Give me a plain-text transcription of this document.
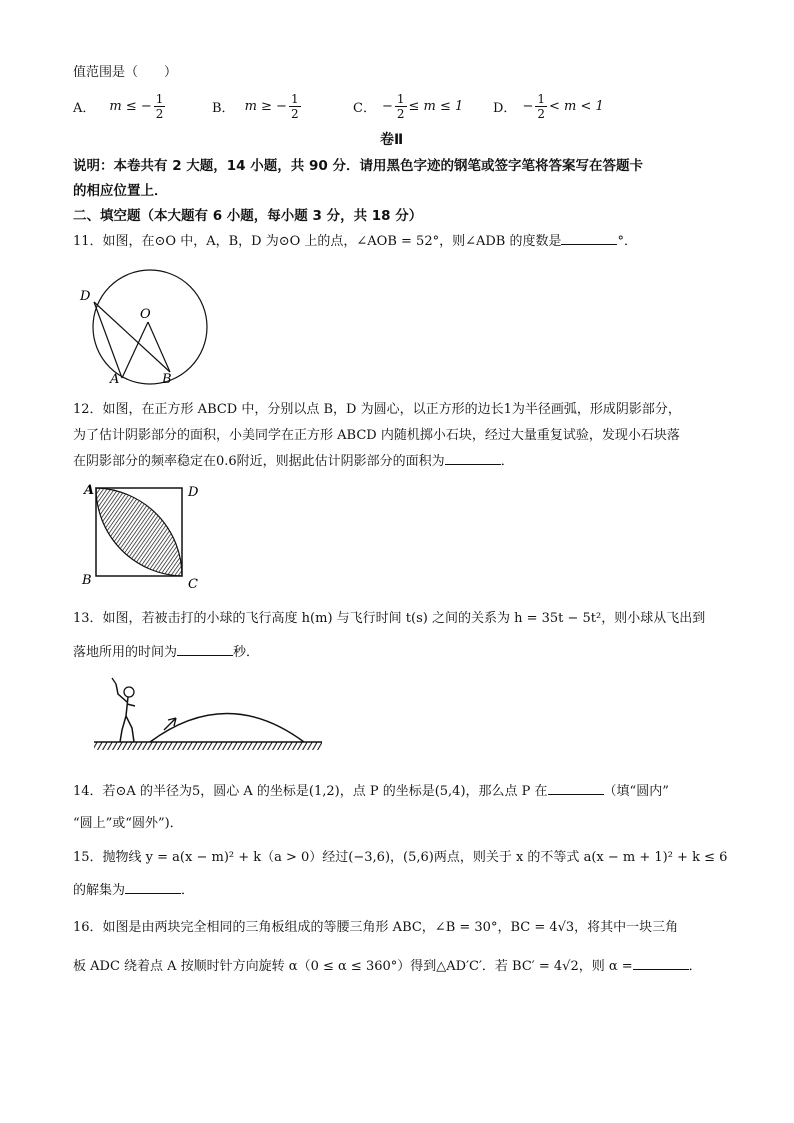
值范围是（　　）
A． m ≤ − $\frac{1}{2}$	B． m ≥ − $\frac{1}{2}$	C． − $\frac{1}{2} \le m \le 1$ D． − $\frac{1}{2} < m < 1$
卷Ⅱ
说明：本卷共有 2 大题，14 小题，共 90 分．请用黑色字迹的钢笔或签字笔将答案写在答题卡
的相应位置上．
二、填空题（本大题有 6 小题，每小题 3 分，共 18 分）
11．如图，在⊙O 中，A，B，D 为⊙O 上的点，∠AOB = 52°，则∠ADB 的度数是	°．
D
O
A	B
12．如图，在正方形 ABCD 中，分别以点 B，D 为圆心，以正方形的边长1为半径画弧，形成阴影部分，
为了估计阴影部分的面积，小美同学在正方形 ABCD 内随机掷小石块，经过大量重复试验，发现小石块落
在阴影部分的频率稳定在0.6附近，则据此估计阴影部分的面积为	．
A	D
B	C
13．如图，若被击打的小球的飞行高度 h(m) 与飞行时间 t(s) 之间的关系为 h = 35t − 5t²，则小球从飞出到
落地所用的时间为	秒．
14．若⊙A 的半径为5，圆心 A 的坐标是(1,2)，点 P 的坐标是(5,4)，那么点 P 在	（填“圆内”
“圆上”或“圆外”)．
15．抛物线 y = a(x − m)² + k（a > 0）经过(−3,6)，(5,6)两点，则关于 x 的不等式 a(x − m + 1)² + k ≤ 6
的解集为	．
16．如图是由两块完全相同的三角板组成的等腰三角形 ABC，∠B = 30°，BC = 4√3，将其中一块三角
板 ADC 绕着点 A 按顺时针方向旋转 α（0 ≤ α ≤ 360°）得到△AD′C′．若 BC′ = 4√2，则 α =	．
